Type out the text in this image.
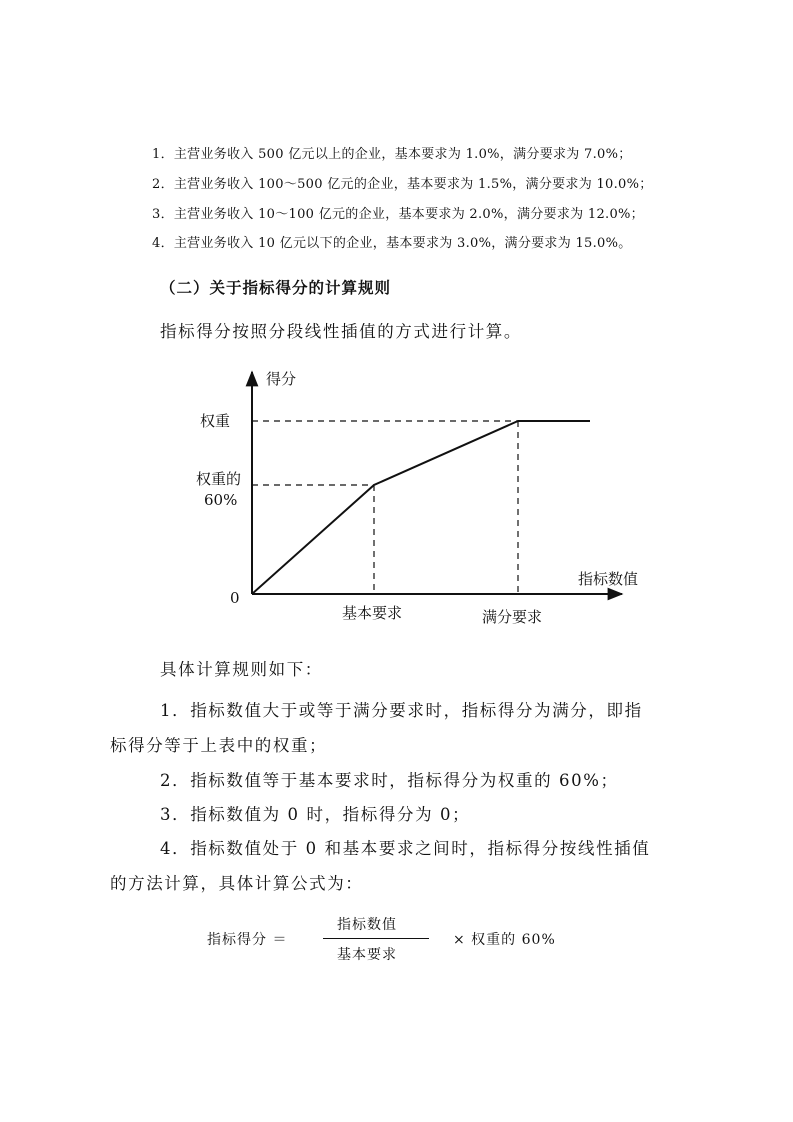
1．主营业务收入 500 亿元以上的企业，基本要求为 1.0%，满分要求为 7.0%；
2．主营业务收入 100～500 亿元的企业，基本要求为 1.5%，满分要求为 10.0%；
3．主营业务收入 10～100 亿元的企业，基本要求为 2.0%，满分要求为 12.0%；
4．主营业务收入 10 亿元以下的企业，基本要求为 3.0%，满分要求为 15.0%。
（二）关于指标得分的计算规则
指标得分按照分段线性插值的方式进行计算。
得分
权重
权重的
60%
0
指标数值
基本要求	满分要求
具体计算规则如下：
1．指标数值大于或等于满分要求时，指标得分为满分，即指
标得分等于上表中的权重；
2．指标数值等于基本要求时，指标得分为权重的 60%；
3．指标数值为 0 时，指标得分为 0；
4．指标数值处于 0 和基本要求之间时，指标得分按线性插值
的方法计算，具体计算公式为：
指标得分 ＝
指标数值
基本要求
× 权重的 60%
